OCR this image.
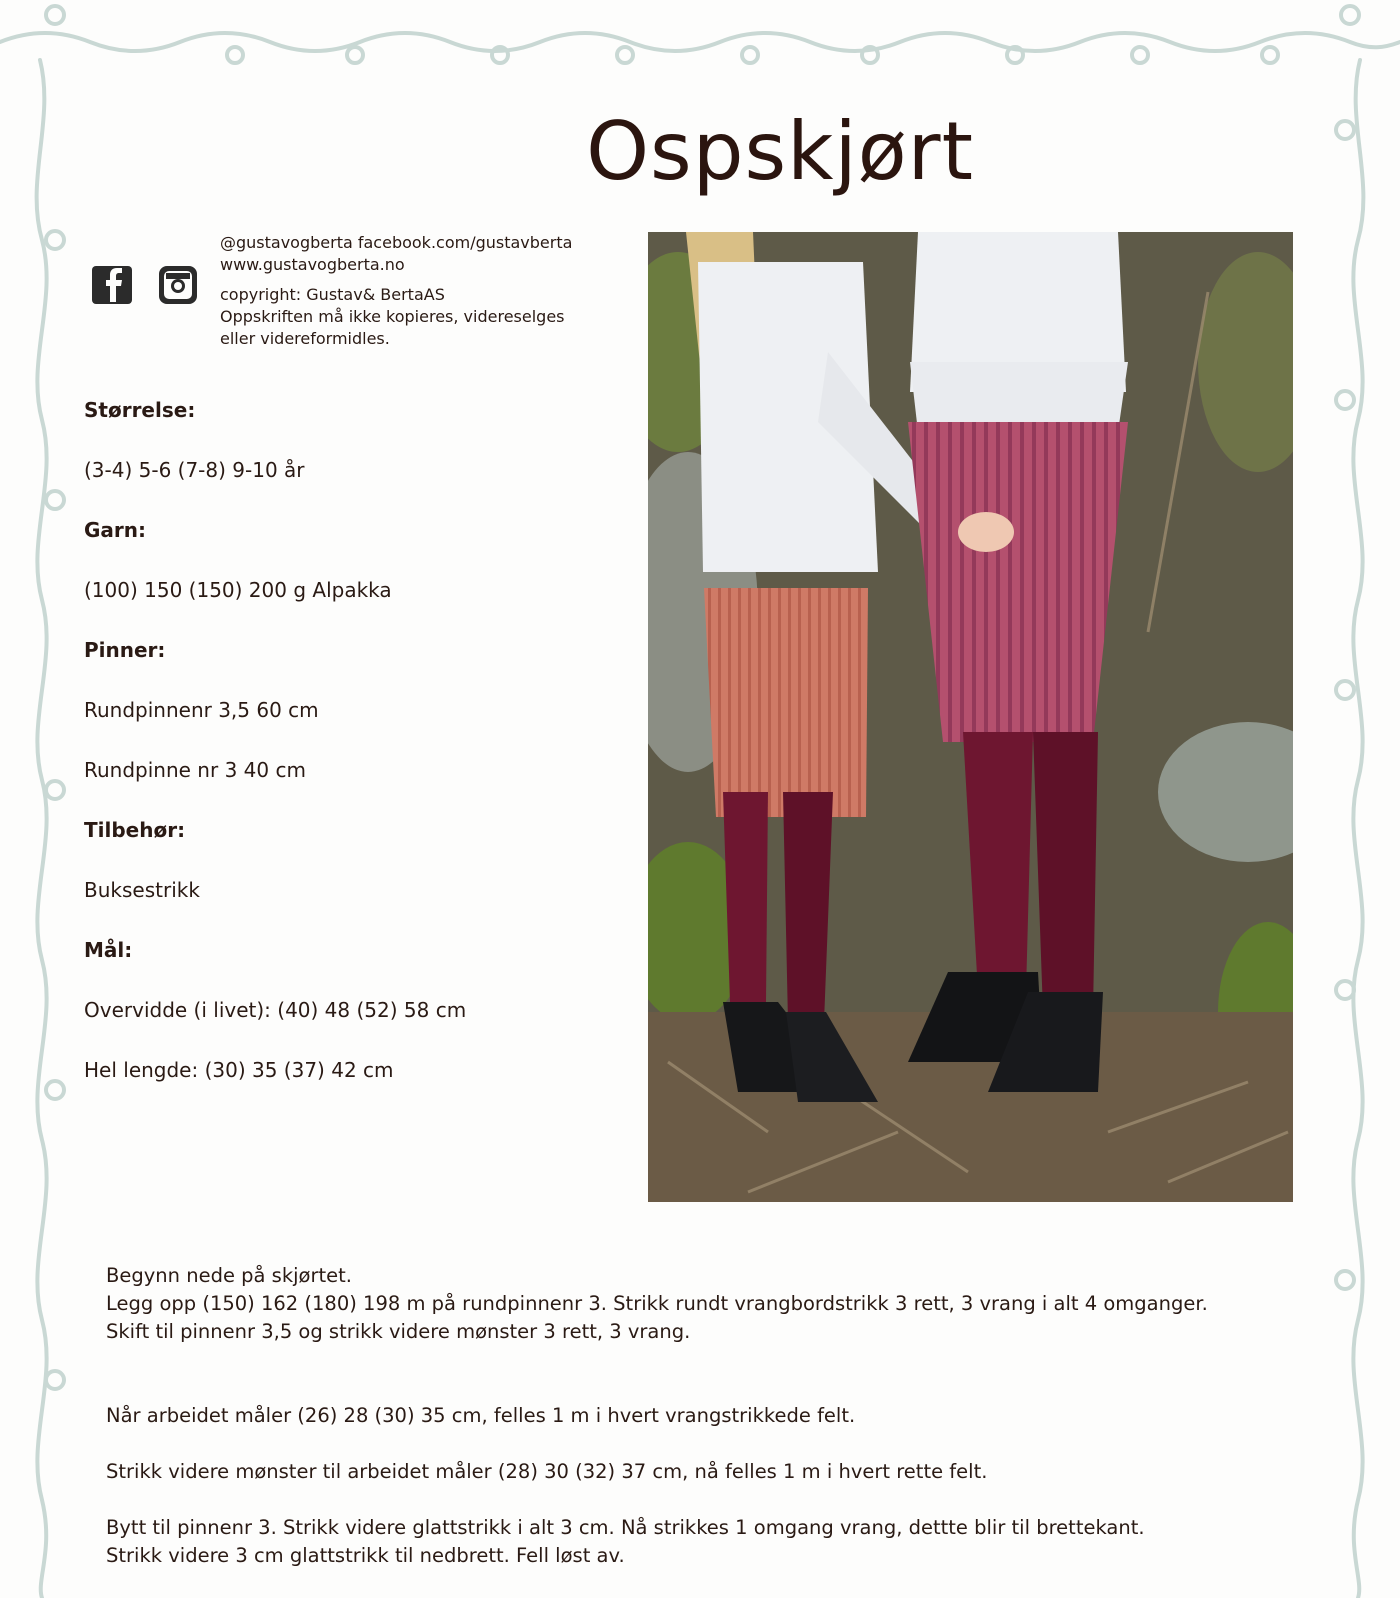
Ospskjørt
@gustavogberta facebook.com/gustavberta
www.gustavogberta.no
copyright: Gustav& BertaAS
Oppskriften må ikke kopieres, videreselges
eller videreformidles.
Størrelse:
(3-4) 5-6 (7-8) 9-10 år
Garn:
(100) 150 (150) 200 g Alpakka
Pinner:
Rundpinnenr 3,5 60 cm
Rundpinne nr 3 40 cm
Tilbehør:
Buksestrikk
Mål:
Overvidde (i livet): (40) 48 (52) 58 cm
Hel lengde: (30) 35 (37) 42 cm

Begynn nede på skjørtet.

Legg opp (150) 162 (180) 198 m på rundpinnenr 3. Strikk rundt vrangbordstrikk 3 rett, 3 vrang i alt 4 omganger.

Skift til pinnenr 3,5 og strikk videre mønster 3 rett, 3 vrang.

Når arbeidet måler (26) 28 (30) 35 cm, felles 1 m i hvert vrangstrikkede felt.

Strikk videre mønster til arbeidet måler (28) 30 (32) 37 cm, nå felles 1 m i hvert rette felt.

Bytt til pinnenr 3. Strikk videre glattstrikk i alt 3 cm. Nå strikkes 1 omgang vrang, dettte blir til brettekant.

Strikk videre 3 cm glattstrikk til nedbrett. Fell løst av.
